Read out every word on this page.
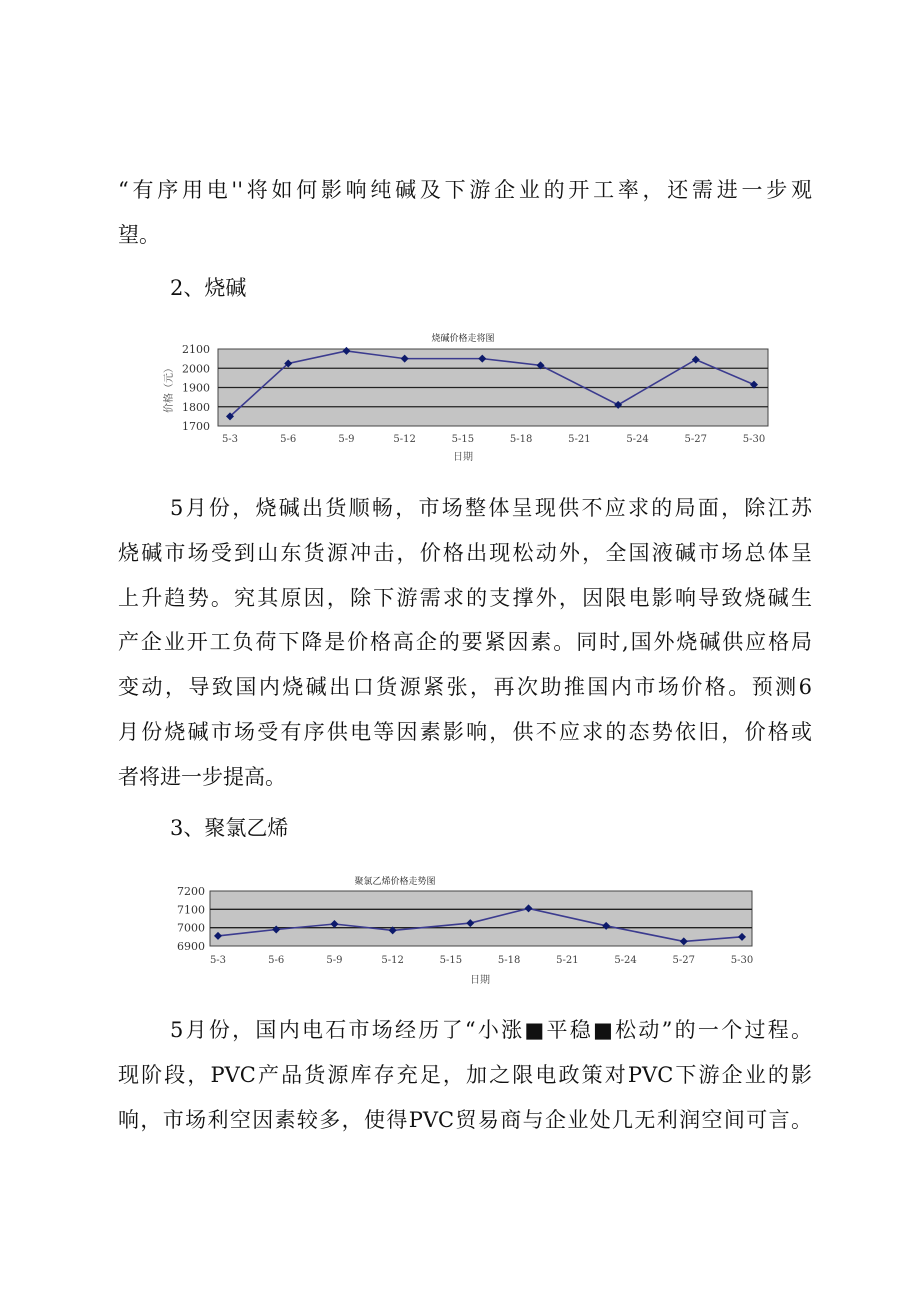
“有序用电''将如何影响纯碱及下游企业的开工率，还需进一步观
望。
2、烧碱
5月份，烧碱出货顺畅，市场整体呈现供不应求的局面，除江苏
烧碱市场受到山东货源冲击，价格出现松动外，全国液碱市场总体呈
上升趋势。究其原因，除下游需求的支撑外，因限电影响导致烧碱生
产企业开工负荷下降是价格高企的要紧因素。同时,国外烧碱供应格局
变动，导致国内烧碱出口货源紧张，再次助推国内市场价格。预测6
月份烧碱市场受有序供电等因素影响，供不应求的态势依旧，价格或
者将进一步提高。
3、聚氯乙烯
5月份，国内电石市场经历了“小涨■平稳■松动”的一个过程。
现阶段，PVC产品货源库存充足，加之限电政策对PVC下游企业的影
响，市场利空因素较多，使得PVC贸易商与企业处几无利润空间可言。
1700
1800
1900
2000
2100
5-3	5-6	5-9	5-12	5-15	5-18	5-21	5-24	5-27	5-30
烧碱价格走将图
日期
价格（元）
6900
7000
7100
7200
5-3	5-6	5-9	5-12	5-15	5-18	5-21	5-24	5-27	5-30
聚氯乙烯价格走势图
日期
